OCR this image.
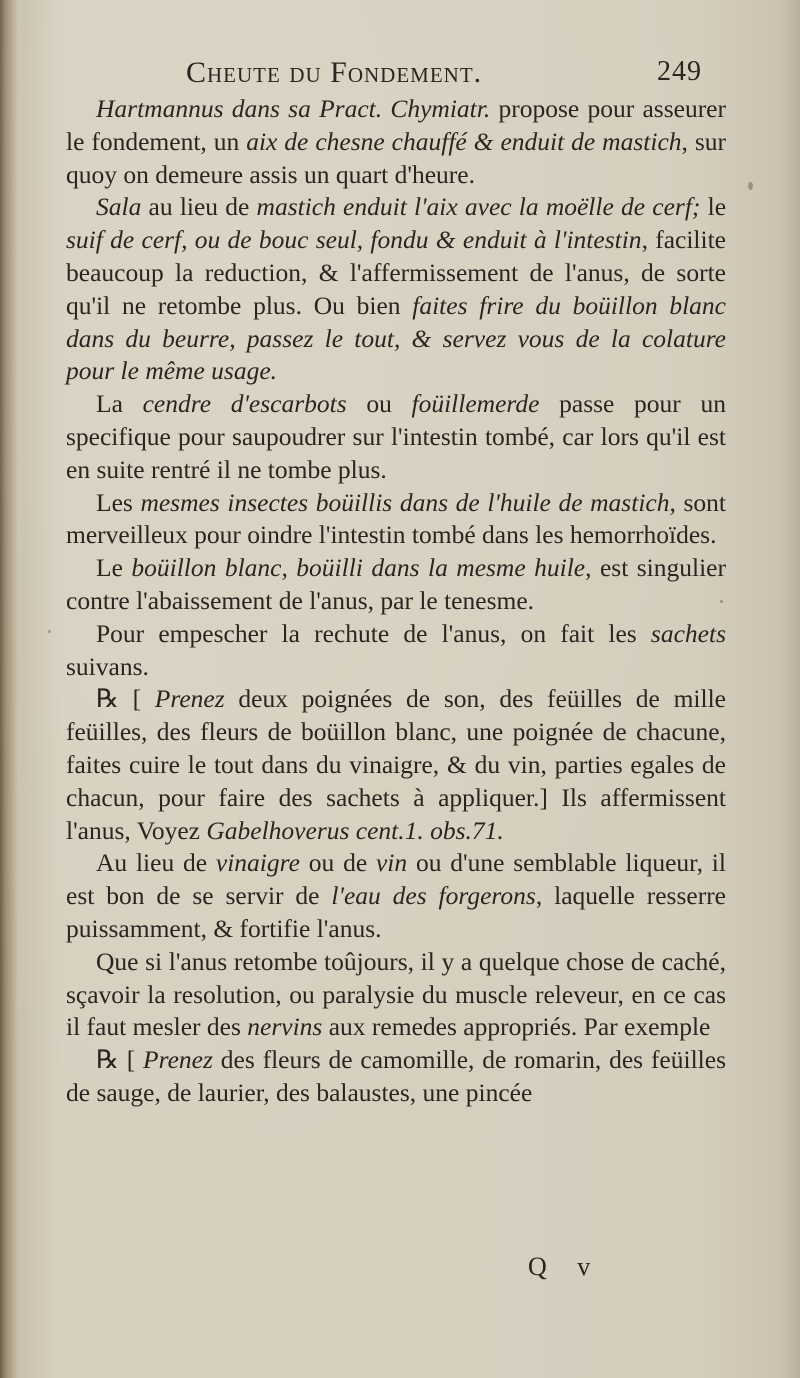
Cheute du Fondement.	249

Hartmannus dans sa Pract. Chymiatr. propose pour asseurer le fondement, un aix de chesne chauffé & enduit de mastich, sur quoy on demeure assis un quart d'heure.

Sala au lieu de mastich enduit l'aix avec la moëlle de cerf; le suif de cerf, ou de bouc seul, fondu & enduit à l'intestin, facilite beaucoup la reduction, & l'affermissement de l'anus, de sorte qu'il ne retombe plus. Ou bien faites frire du boüillon blanc dans du beurre, passez le tout, & servez vous de la colature pour le même usage.

La cendre d'escarbots ou foüillemerde passe pour un specifique pour saupoudrer sur l'intestin tombé, car lors qu'il est en suite rentré il ne tombe plus.

Les mesmes insectes boüillis dans de l'huile de mastich, sont merveilleux pour oindre l'intestin tombé dans les hemorrhoïdes.

Le boüillon blanc, boüilli dans la mesme huile, est singulier contre l'abaissement de l'anus, par le tenesme.

Pour empescher la rechute de l'anus, on fait les sachets suivans.

℞ [ Prenez deux poignées de son, des feüilles de mille feüilles, des fleurs de boüillon blanc, une poignée de chacune, faites cuire le tout dans du vinaigre, & du vin, parties egales de chacun, pour faire des sachets à appliquer.] Ils affermissent l'anus, Voyez Gabelhoverus cent.1. obs.71.

Au lieu de vinaigre ou de vin ou d'une semblable liqueur, il est bon de se servir de l'eau des forgerons, laquelle resserre puissamment, & fortifie l'anus.

Que si l'anus retombe toûjours, il y a quelque chose de caché, sçavoir la resolution, ou paralysie du muscle releveur, en ce cas il faut mesler des nervins aux remedes appropriés. Par exemple

℞ [ Prenez des fleurs de camomille, de romarin, des feüilles de sauge, de laurier, des balaustes, une pincée

Q v
